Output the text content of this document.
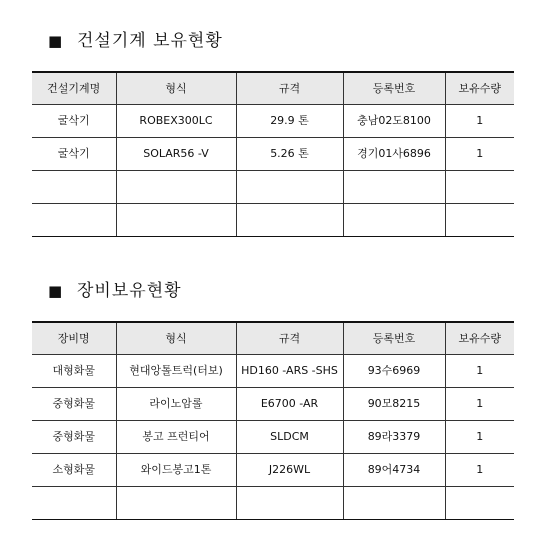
■ 건설기계 보유현황
건설기계명	형식	규격	등록번호	보유수량
굴삭기	ROBEX300LC	29.9 톤	충남02도8100	1
굴삭기	SOLAR56 -V	5.26 톤	경기01사6896	1

■ 장비보유현황
장비명	형식	규격	등록번호	보유수량
대형화물	현대앙톨트럭(터보)	HD160 -ARS -SHS	93수6969	1
중형화물	라이노암롤	E6700 -AR	90모8215	1
중형화물	봉고 프런티어	SLDCM	89라3379	1
소형화물	와이드봉고1톤	J226WL	89어4734	1
